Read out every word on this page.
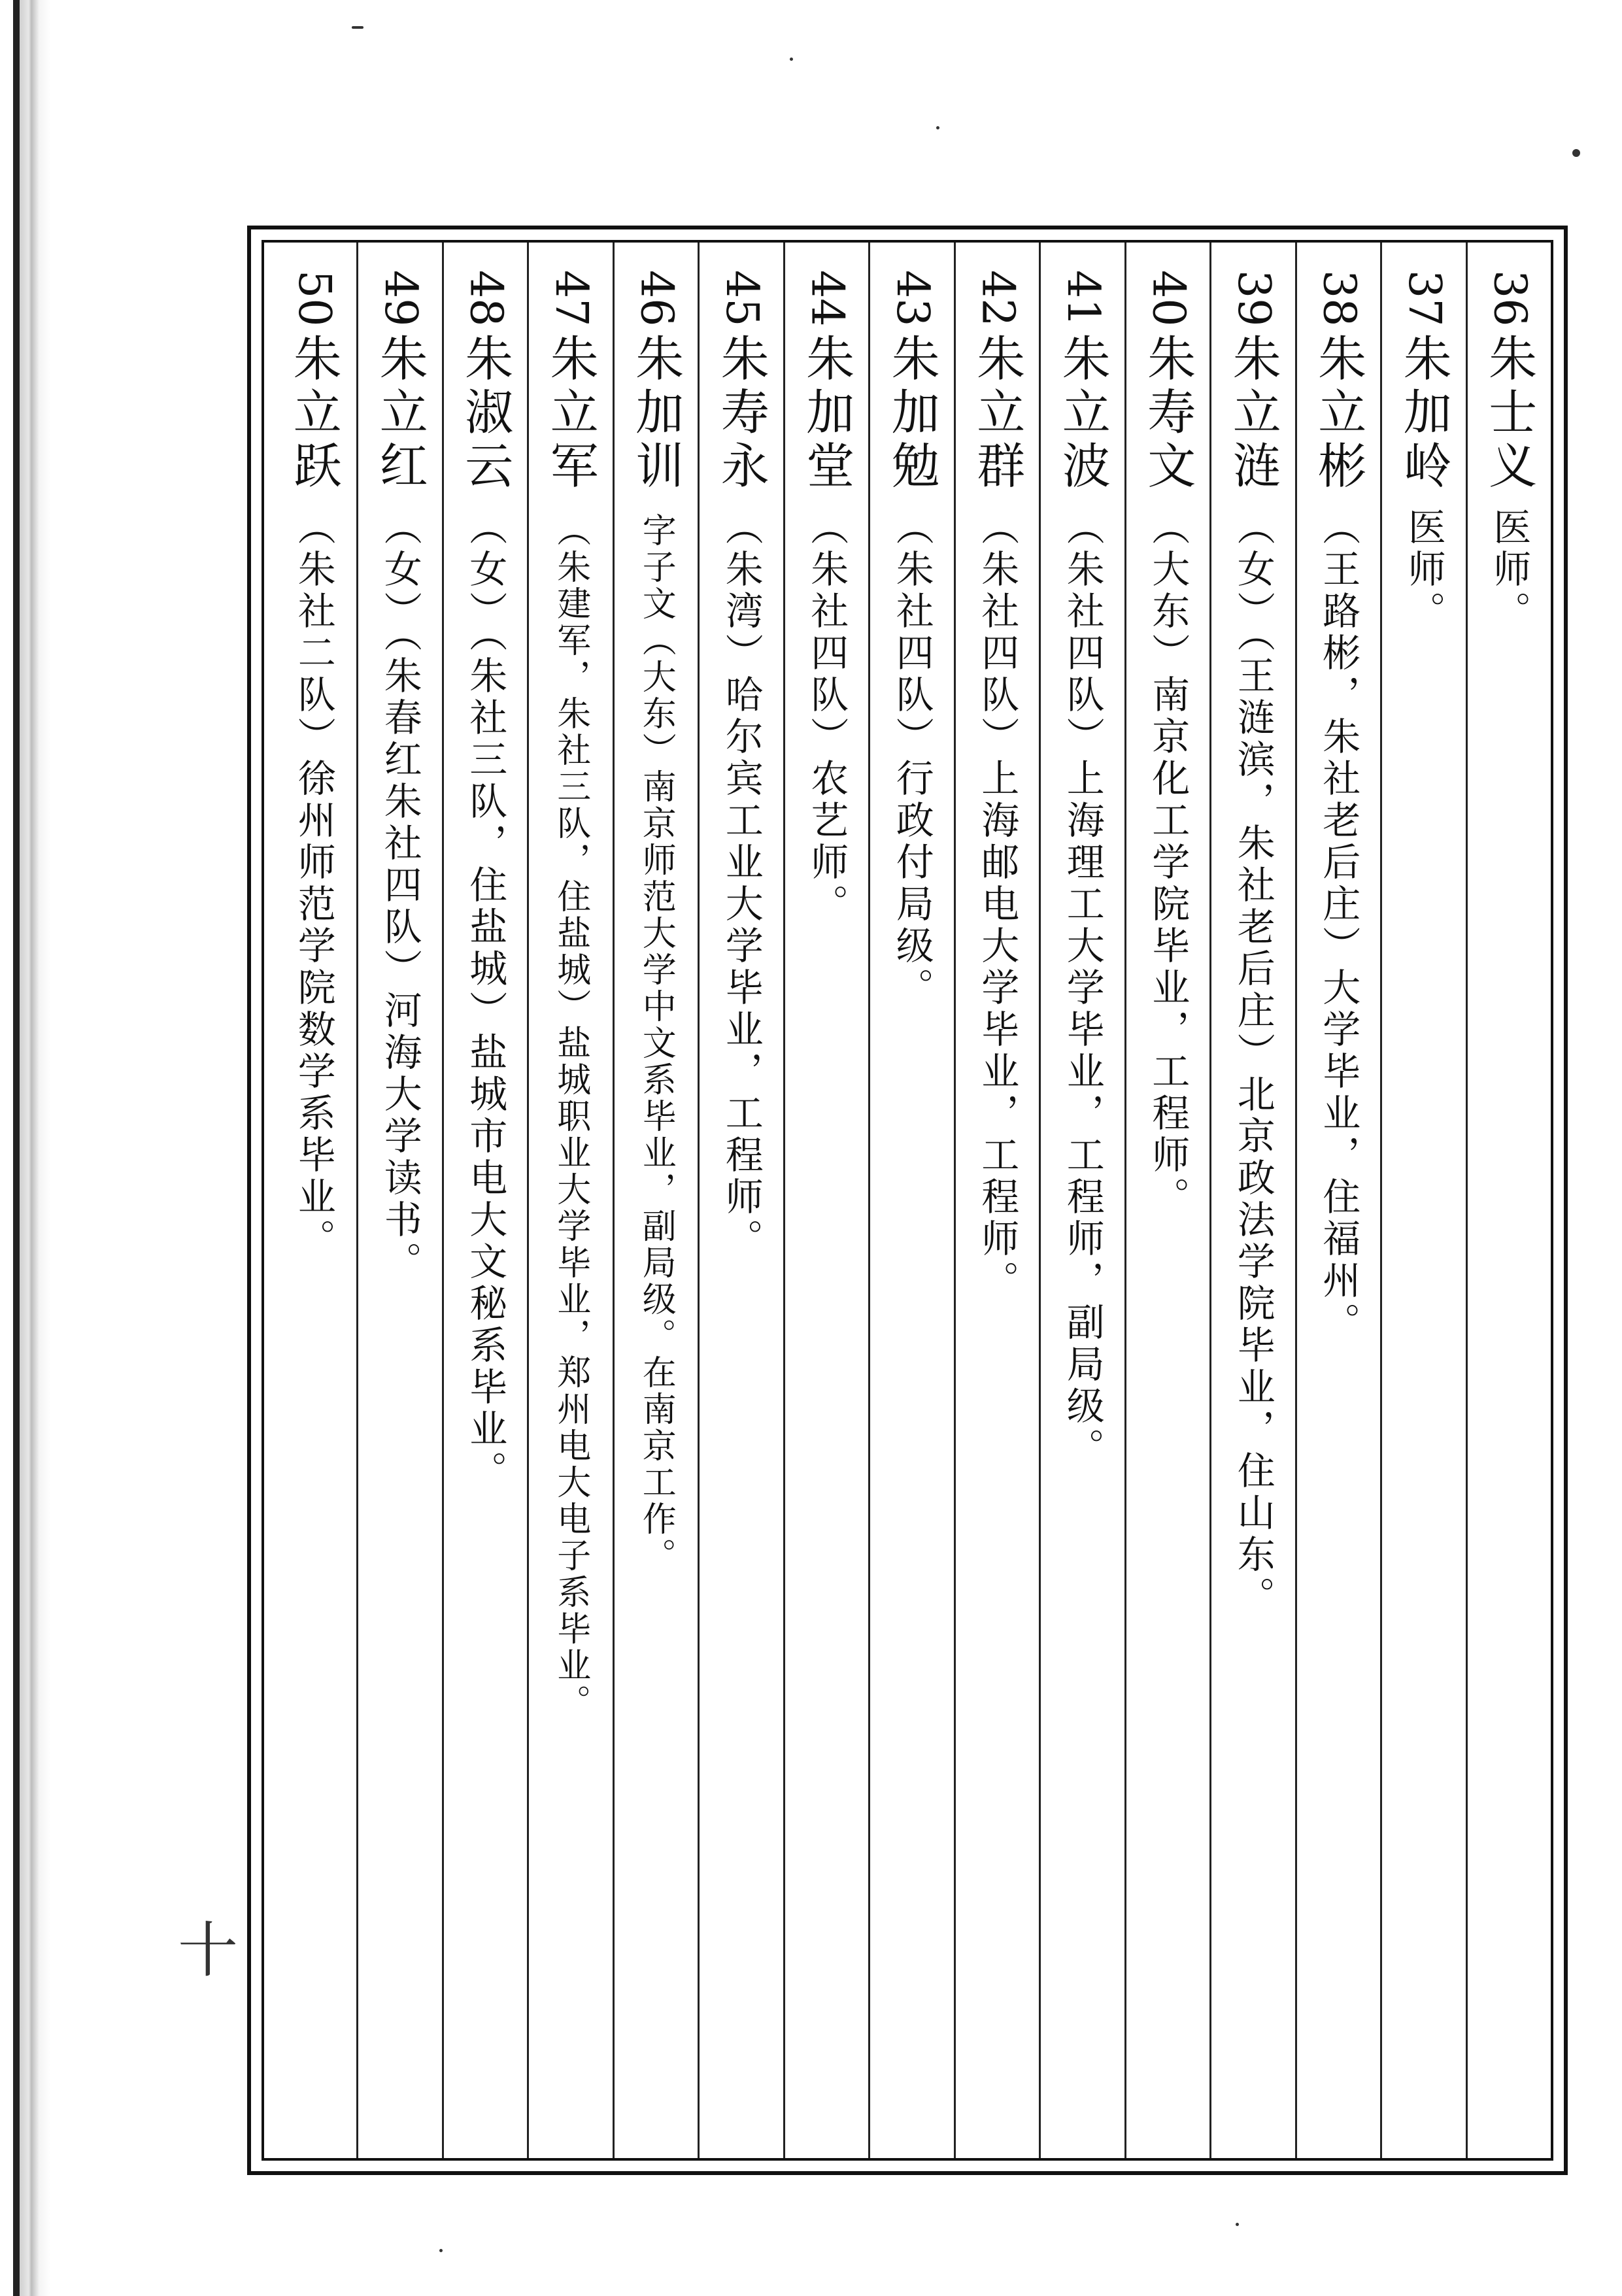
36朱士义医师。
37朱加岭医师。
38朱立彬（王路彬，朱社老后庄）大学毕业，住福州。
39朱立涟（女）（王涟滨，朱社老后庄）北京政法学院毕业，住山东。
40朱寿文（大东）南京化工学院毕业，工程师。
41朱立波（朱社四队）上海理工大学毕业，工程师，副局级。
42朱立群（朱社四队）上海邮电大学毕业，工程师。
43朱加勉（朱社四队）行政付局级。
44朱加堂（朱社四队）农艺师。
45朱寿永（朱湾）哈尔宾工业大学毕业，工程师。
46朱加训字子文（大东）南京师范大学中文系毕业，副局级。在南京工作。
47朱立军（朱建军，朱社三队，住盐城）盐城职业大学毕业，郑州电大电子系毕业。
48朱淑云（女）（朱社三队，住盐城）盐城市电大文秘系毕业。
49朱立红（女）（朱春红朱社四队）河海大学读书。
50朱立跃（朱社二队）徐州师范学院数学系毕业。
十
